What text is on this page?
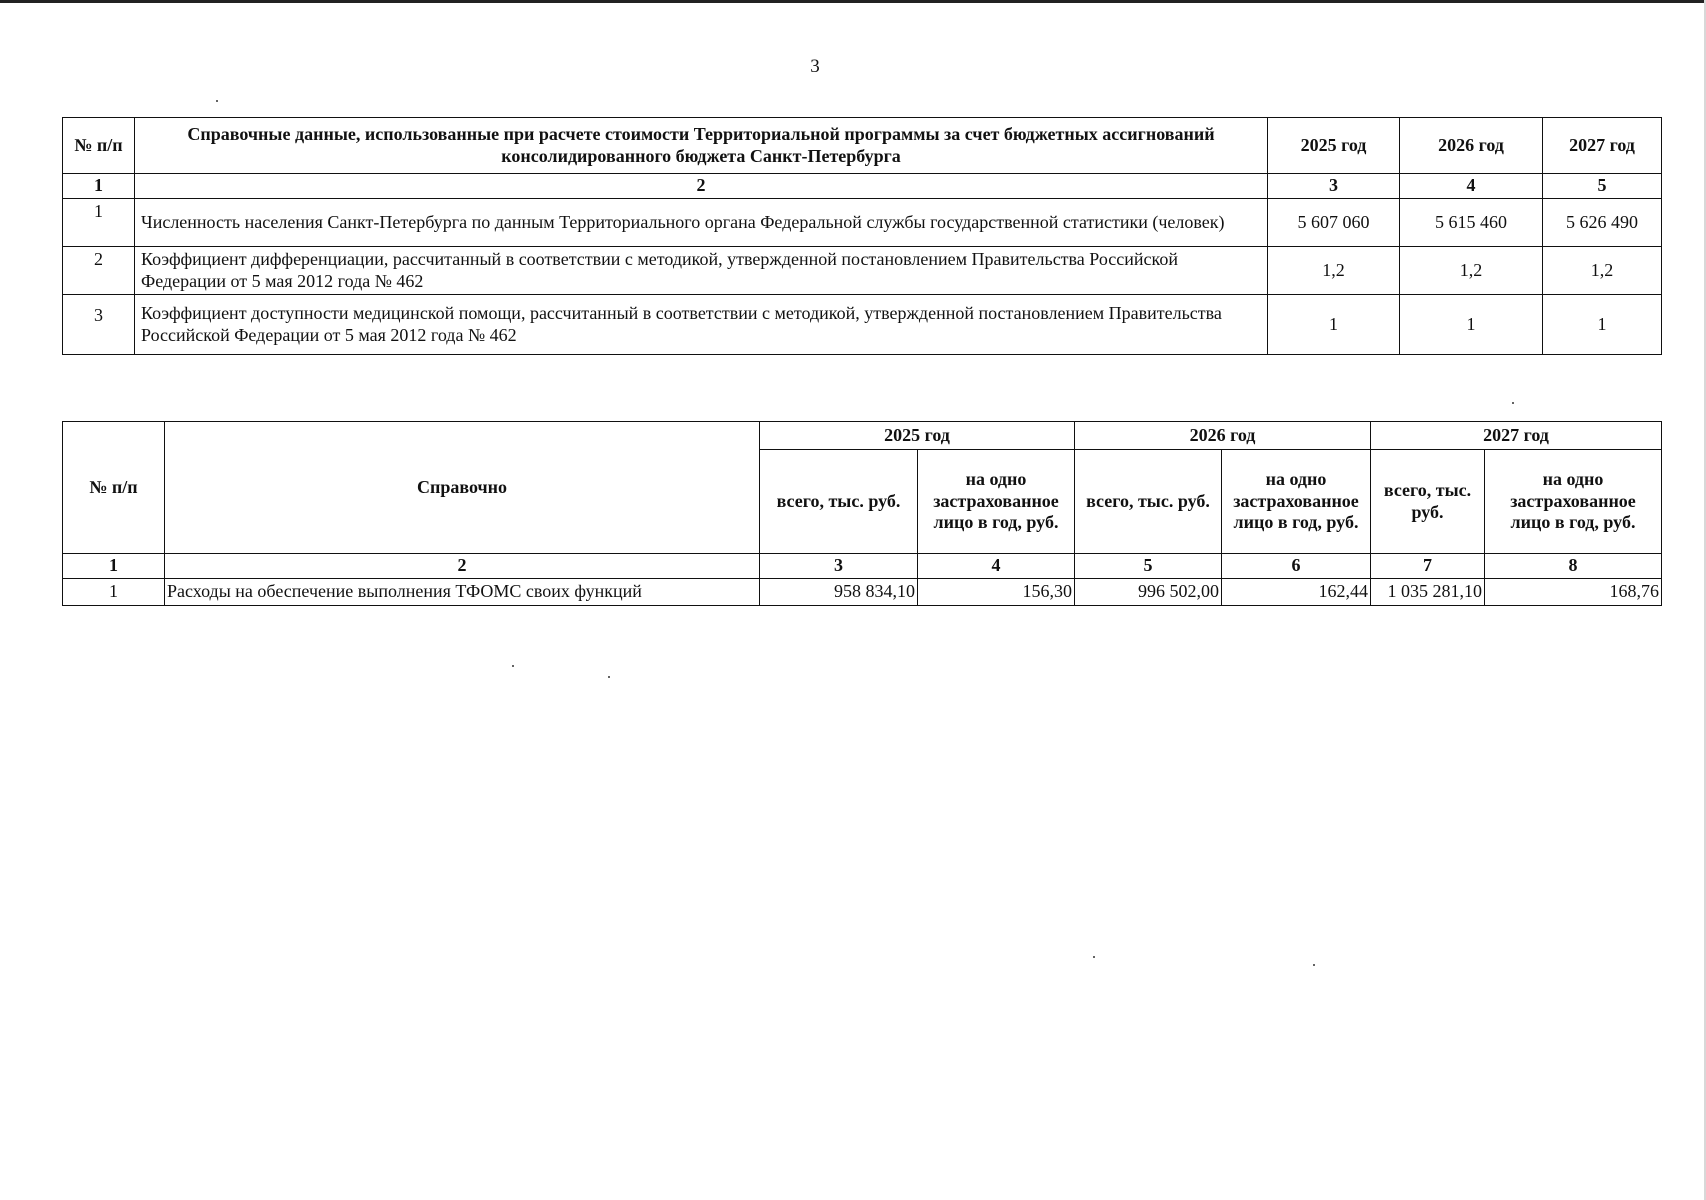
3
№ п/п	Справочные данные, использованные при расчете стоимости Территориальной программы за счет бюджетных ассигнований консолидированного бюджета Санкт-Петербурга	2025 год	2026 год	2027 год
1	2	3	4	5
1	Численность населения Санкт-Петербурга по данным Территориального органа Федеральной службы государственной статистики (человек)	5 607 060	5 615 460	5 626 490
2	Коэффициент дифференциации, рассчитанный в соответствии с методикой, утвержденной постановлением Правительства Российской Федерации от 5 мая 2012 года № 462	1,2	1,2	1,2
3	Коэффициент доступности медицинской помощи, рассчитанный в соответствии с методикой, утвержденной постановлением Правительства Российской Федерации от 5 мая 2012 года № 462	1	1	1
№ п/п	Справочно	2025 год		2026 год		2027 год	
		всего, тыс. руб.	на одно застрахованное лицо в год, руб.	всего, тыс. руб.	на одно застрахованное лицо в год, руб.	всего, тыс. руб.	на одно застрахованное лицо в год, руб.
1	2	3	4	5	6	7	8
1	Расходы на обеспечение выполнения ТФОМС своих функций	958 834,10	156,30	996 502,00	162,44	1 035 281,10	168,76
